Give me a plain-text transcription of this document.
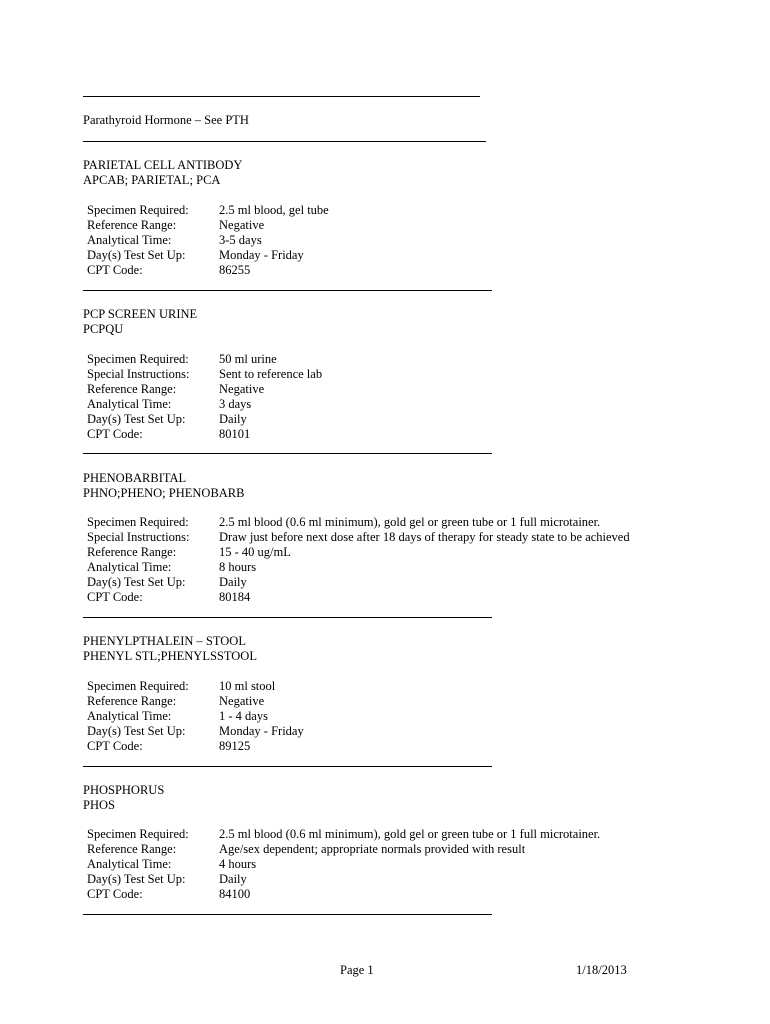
Parathyroid Hormone – See PTH
PARIETAL CELL ANTIBODY
APCAB; PARIETAL; PCA
Specimen Required: 2.5 ml blood, gel tube
Reference Range:	Negative
Analytical Time:	3-5 days
Day(s) Test Set Up:	Monday - Friday
CPT Code:	86255
PCP SCREEN URINE
PCPQU
Specimen Required: 50 ml urine
Special Instructions: Sent to reference lab
Reference Range:	Negative
Analytical Time:	3 days
Day(s) Test Set Up:	Daily
CPT Code:	80101
PHENOBARBITAL
PHNO;PHENO; PHENOBARB
Specimen Required: 2.5 ml blood (0.6 ml minimum), gold gel or green tube or 1 full microtainer.
Special Instructions: Draw just before next dose after 18 days of therapy for steady state to be achieved
Reference Range:	15 - 40 ug/mL
Analytical Time:	8 hours
Day(s) Test Set Up:	Daily
CPT Code:	80184
PHENYLPTHALEIN – STOOL
PHENYL STL;PHENYLSSTOOL
Specimen Required: 10 ml stool
Reference Range:	Negative
Analytical Time:	1 - 4 days
Day(s) Test Set Up:	Monday - Friday
CPT Code:	89125
PHOSPHORUS
PHOS
Specimen Required: 2.5 ml blood (0.6 ml minimum), gold gel or green tube or 1 full microtainer.
Reference Range:	Age/sex dependent; appropriate normals provided with result
Analytical Time:	4 hours
Day(s) Test Set Up:	Daily
CPT Code:	84100
Page 1	1/18/2013
